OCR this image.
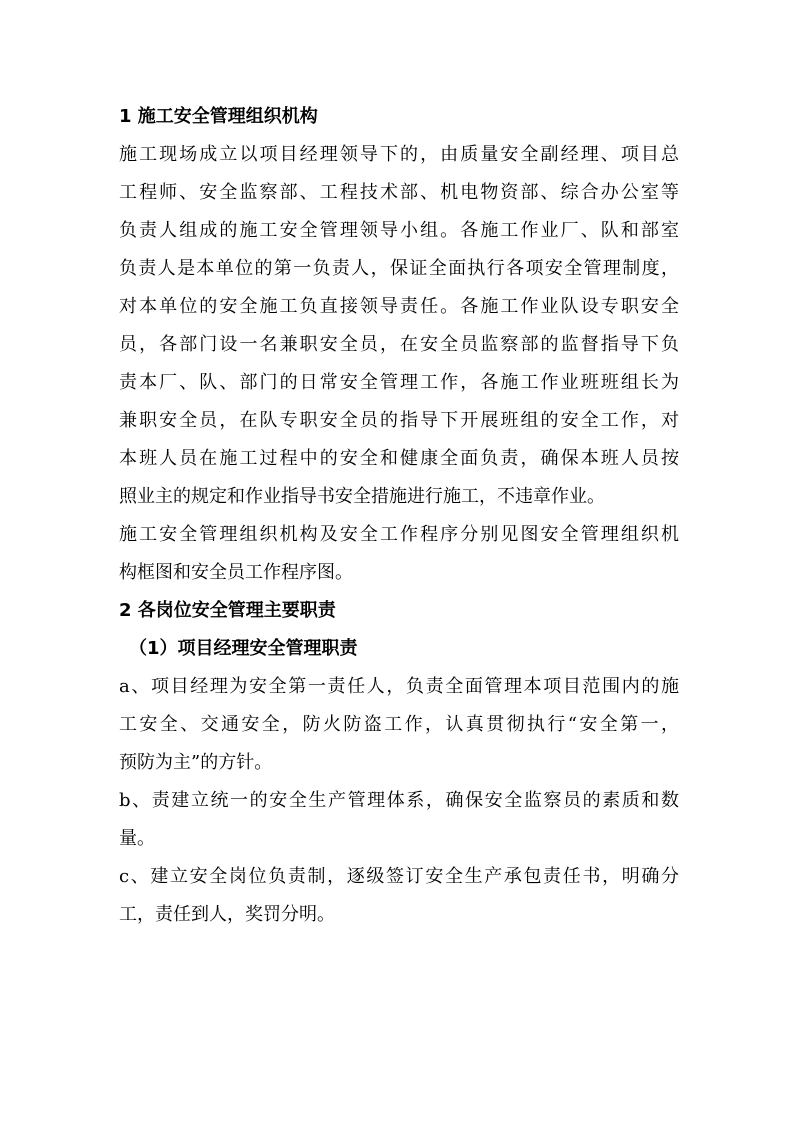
1 施工安全管理组织机构

施工现场成立以项目经理领导下的，由质量安全副经理、项目总
工程师、安全监察部、工程技术部、机电物资部、综合办公室等
负责人组成的施工安全管理领导小组。各施工作业厂、队和部室
负责人是本单位的第一负责人，保证全面执行各项安全管理制度，
对本单位的安全施工负直接领导责任。各施工作业队设专职安全
员，各部门设一名兼职安全员，在安全员监察部的监督指导下负
责本厂、队、部门的日常安全管理工作，各施工作业班班组长为
兼职安全员，在队专职安全员的指导下开展班组的安全工作，对
本班人员在施工过程中的安全和健康全面负责，确保本班人员按
照业主的规定和作业指导书安全措施进行施工，不违章作业。

施工安全管理组织机构及安全工作程序分别见图安全管理组织机
构框图和安全员工作程序图。

2 各岗位安全管理主要职责
（1）项目经理安全管理职责

a、项目经理为安全第一责任人，负责全面管理本项目范围内的施
工安全、交通安全，防火防盗工作，认真贯彻执行“安全第一，
预防为主”的方针。

b、责建立统一的安全生产管理体系，确保安全监察员的素质和数
量。

c、建立安全岗位负责制，逐级签订安全生产承包责任书，明确分
工，责任到人，奖罚分明。
